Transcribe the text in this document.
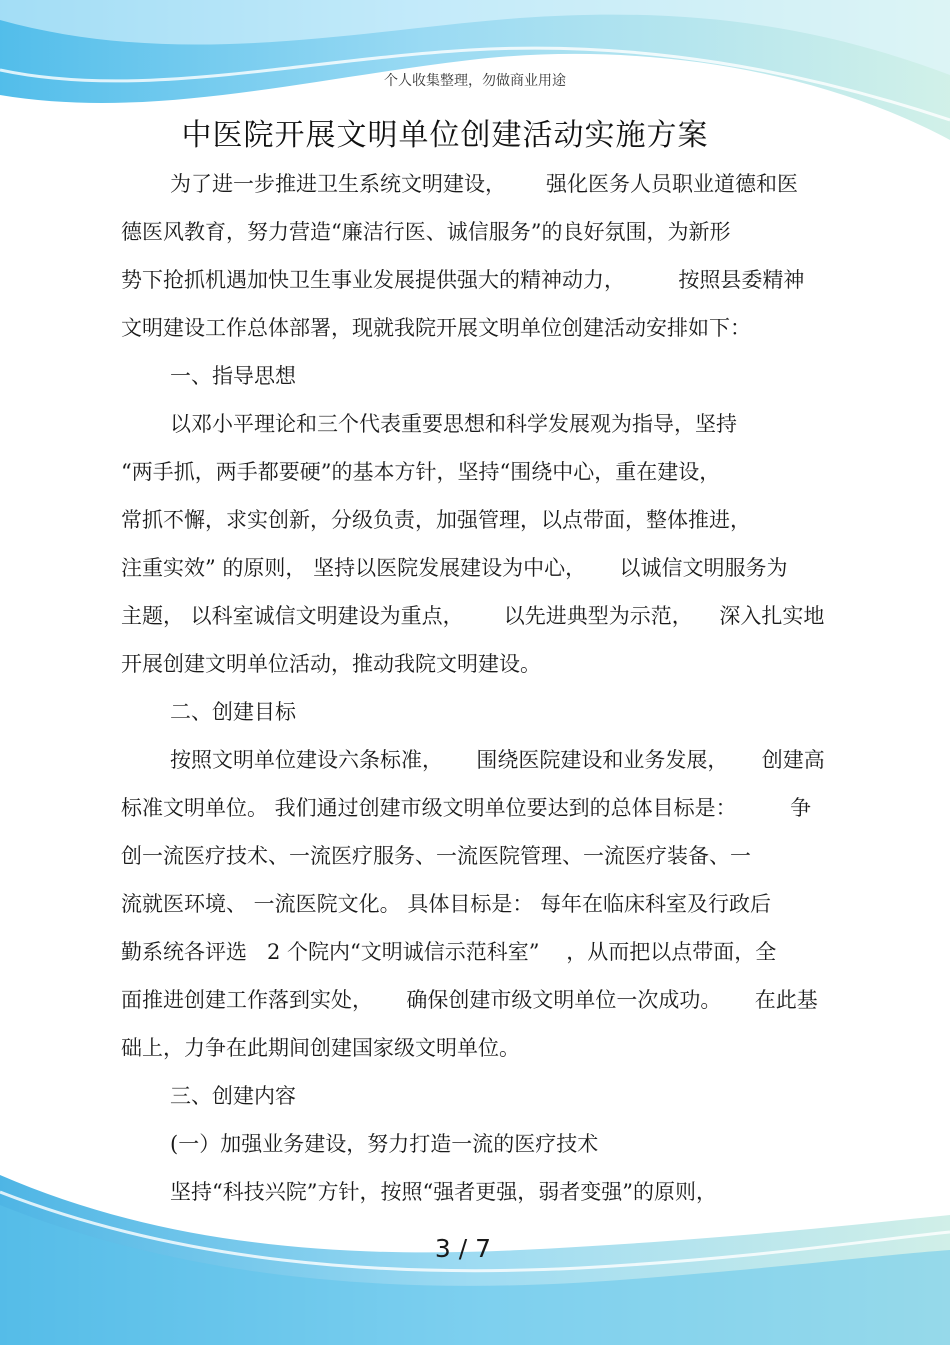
个人收集整理，勿做商业用途
中医院开展文明单位创建活动实施方案
为了进一步推进卫生系统文明建设，      强化医务人员职业道德和医
德医风教育，努力营造“廉洁行医、诚信服务”的良好氛围，为新形
势下抢抓机遇加快卫生事业发展提供强大的精神动力，        按照县委精神
文明建设工作总体部署，现就我院开展文明单位创建活动安排如下：
一、指导思想
以邓小平理论和三个代表重要思想和科学发展观为指导，坚持
“两手抓，两手都要硬”的基本方针，坚持“围绕中心，重在建设，
常抓不懈，求实创新，分级负责，加强管理，以点带面，整体推进，
注重实效” 的原则， 坚持以医院发展建设为中心，     以诚信文明服务为
主题， 以科室诚信文明建设为重点，      以先进典型为示范，    深入扎实地
开展创建文明单位活动，推动我院文明建设。
二、创建目标
按照文明单位建设六条标准，     围绕医院建设和业务发展，     创建高
标准文明单位。 我们通过创建市级文明单位要达到的总体目标是：        争
创一流医疗技术、一流医疗服务、一流医院管理、一流医疗装备、一
流就医环境、 一流医院文化。 具体目标是： 每年在临床科室及行政后
勤系统各评选   2 个院内“文明诚信示范科室”    ，从而把以点带面，全
面推进创建工作落到实处，     确保创建市级文明单位一次成功。     在此基
础上，力争在此期间创建国家级文明单位。
三、创建内容
(一）加强业务建设，努力打造一流的医疗技术
坚持“科技兴院”方针，按照“强者更强，弱者变强”的原则，
3 / 7
